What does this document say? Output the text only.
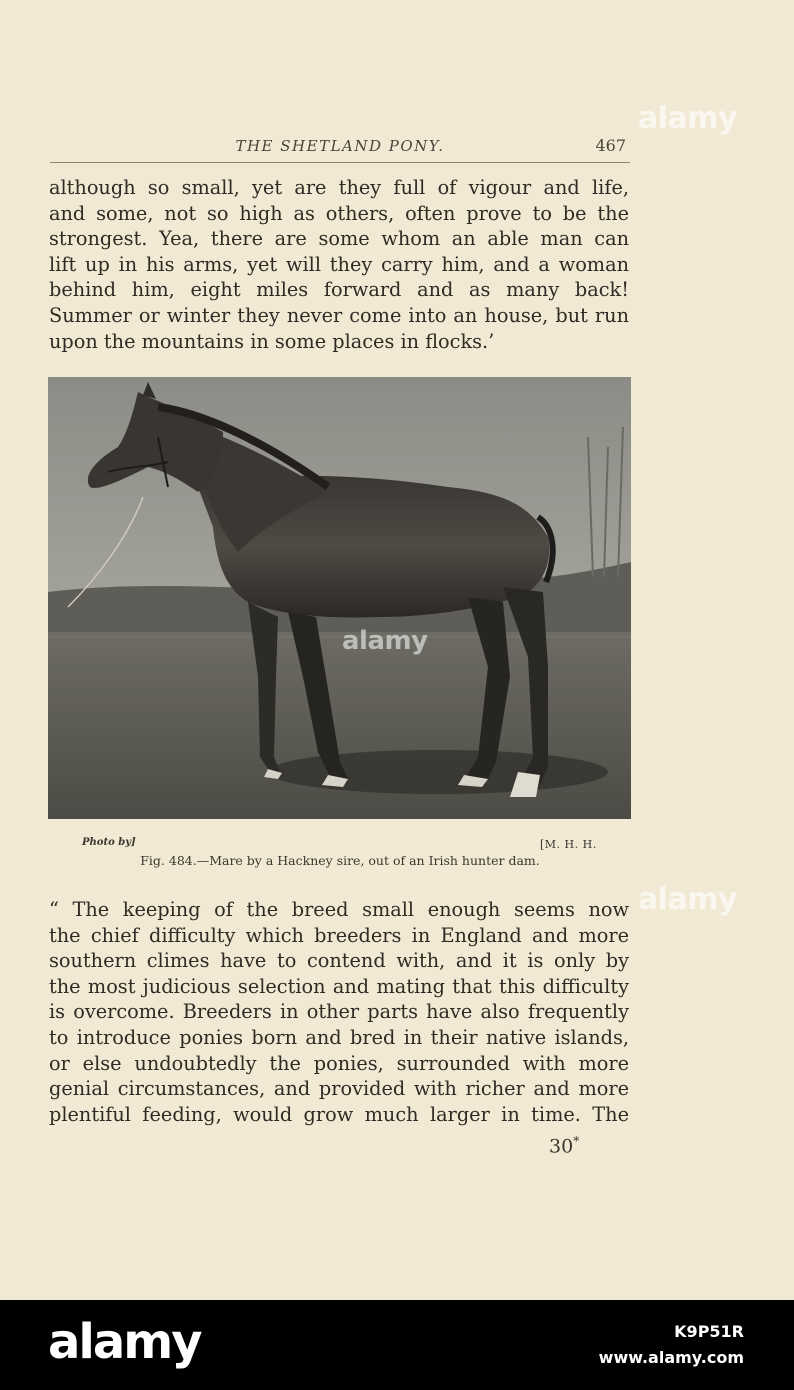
THE SHETLAND PONY.	467

although so small, yet are they full of vigour and life,
and some, not so high as others, often prove to be the
strongest. Yea, there are some whom an able man can
lift up in his arms, yet will they carry him, and a woman
behind him, eight miles forward and as many back!
Summer or winter they never come into an house, but run
upon the mountains in some places in flocks.’

alamy
Photo by]	[M. H. H.
Fig. 484.—Mare by a Hackney sire, out of an Irish hunter dam.

“ The keeping of the breed small enough seems now
the chief difficulty which breeders in England and more
southern climes have to contend with, and it is only by
the most judicious selection and mating that this difficulty
is overcome. Breeders in other parts have also frequently
to introduce ponies born and bred in their native islands,
or else undoubtedly the ponies, surrounded with more
genial circumstances, and provided with richer and more
plentiful feeding, would grow much larger in time. The

30*
alamy
alamy
alamy	K9P51R
www.alamy.com
